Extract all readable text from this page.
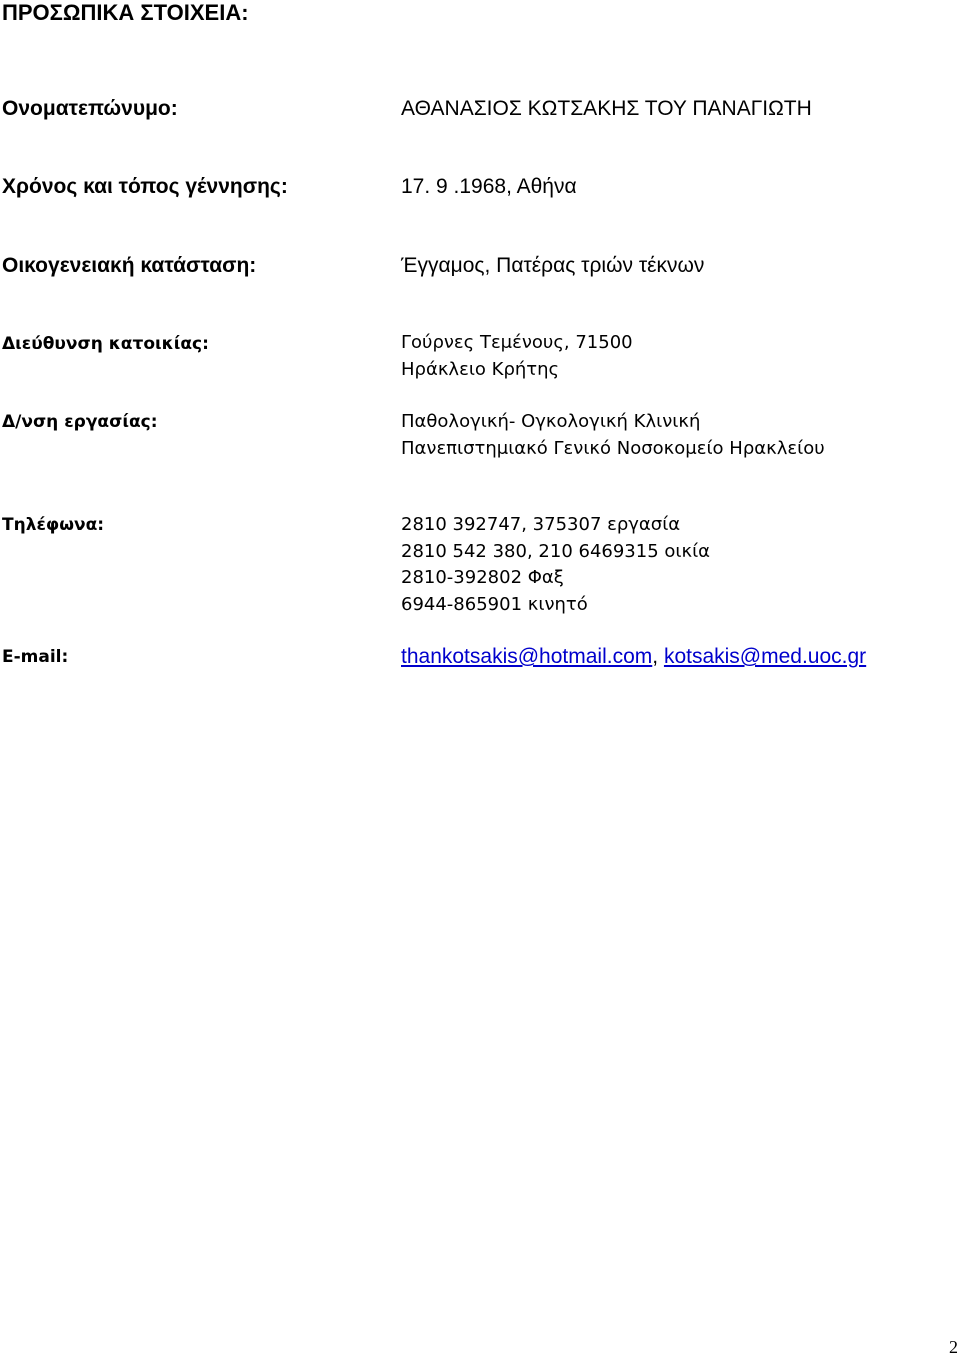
ΠΡΟΣΩΠΙΚΑ ΣΤΟΙΧΕΙΑ:
Ονοματεπώνυμο:	ΑΘΑΝΑΣΙΟΣ ΚΩΤΣΑΚΗΣ ΤΟΥ ΠΑΝΑΓΙΩΤΗ
Χρόνος και τόπος γέννησης:	17. 9 .1968, Αθήνα
Οικογενειακή κατάσταση:	Έγγαμος, Πατέρας τριών τέκνων
Διεύθυνση κατοικίας:	Γούρνες Τεμένους, 71500
Ηράκλειο Κρήτης
Δ/νση εργασίας:	Παθολογική- Ογκολογική Κλινική
Πανεπιστημιακό Γενικό Νοσοκομείο Ηρακλείου
Τηλέφωνα:	2810 392747, 375307 εργασία
2810 542 380, 210 6469315 οικία
2810-392802 Φαξ
6944-865901 κινητό
E-mail:	thankotsakis@hotmail.com, kotsakis@med.uoc.gr
2
